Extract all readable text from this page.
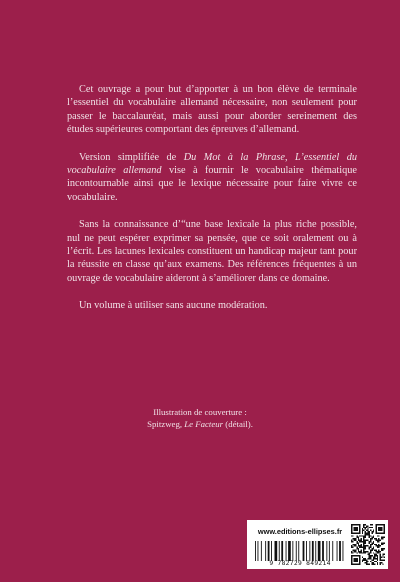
Cet ouvrage a pour but d’apporter à un bon élève de terminale l’essentiel du vocabulaire allemand nécessaire, non seulement pour passer le baccalauréat, mais aussi pour aborder sereinement des études supérieures comportant des épreuves d’allemand.

Version simplifiée de Du Mot à la Phrase, L’essentiel du vocabulaire allemand vise à fournir le vocabulaire thématique incontournable ainsi que le lexique nécessaire pour faire vivre ce vocabulaire.

Sans la connaissance d’“une base lexicale la plus riche possible, nul ne peut espérer exprimer sa pensée, que ce soit oralement ou à l’écrit. Les lacunes lexicales constituent un handicap majeur tant pour la réussite en classe qu’aux examens. Des références fréquentes à un ouvrage de vocabulaire aideront à s’améliorer dans ce domaine.

Un volume à utiliser sans aucune modération.

Illustration de couverture :
Spitzweg, Le Facteur (détail).
www.editions-ellipses.fr
9 782729 849214
